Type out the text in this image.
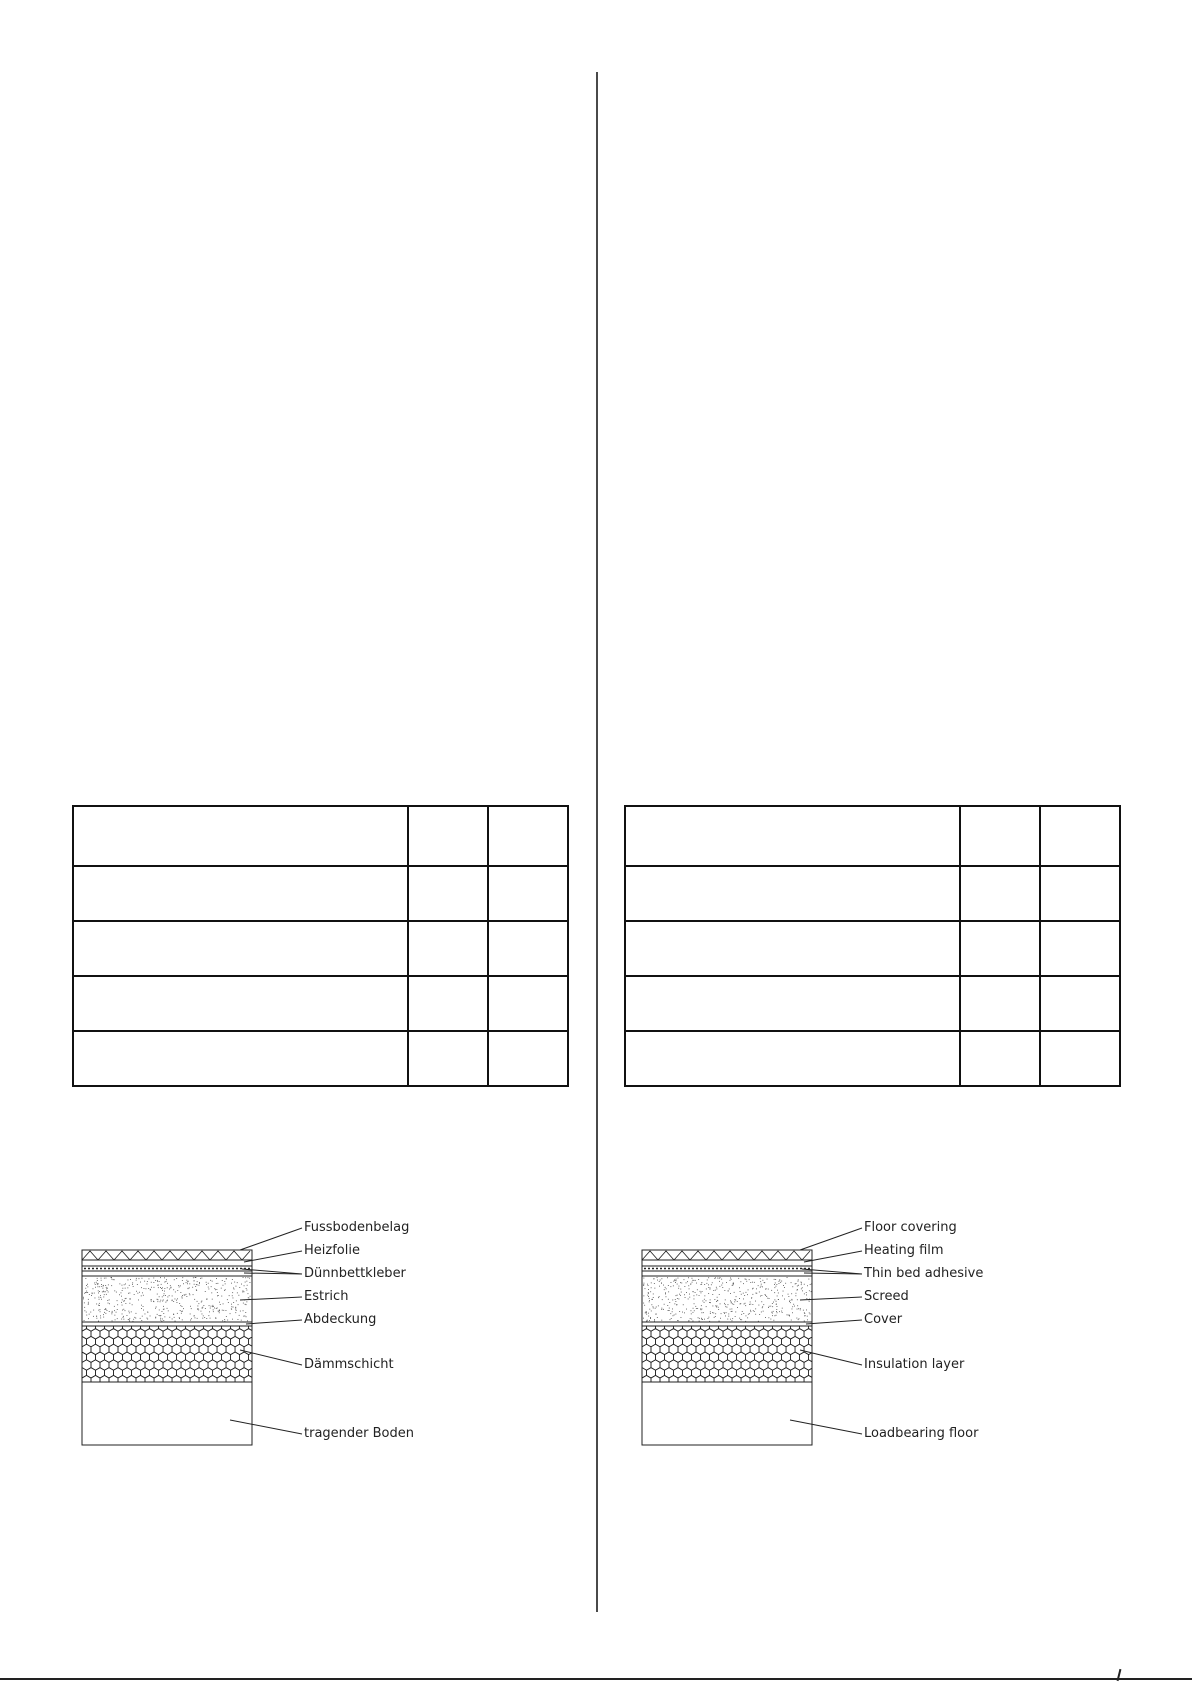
Fussbodenbelag
Heizfolie
Dünnbettkleber
Estrich
Abdeckung
Dämmschicht
tragender Boden
Floor covering
Heating film
Thin bed adhesive
Screed
Cover
Insulation layer
Loadbearing floor
